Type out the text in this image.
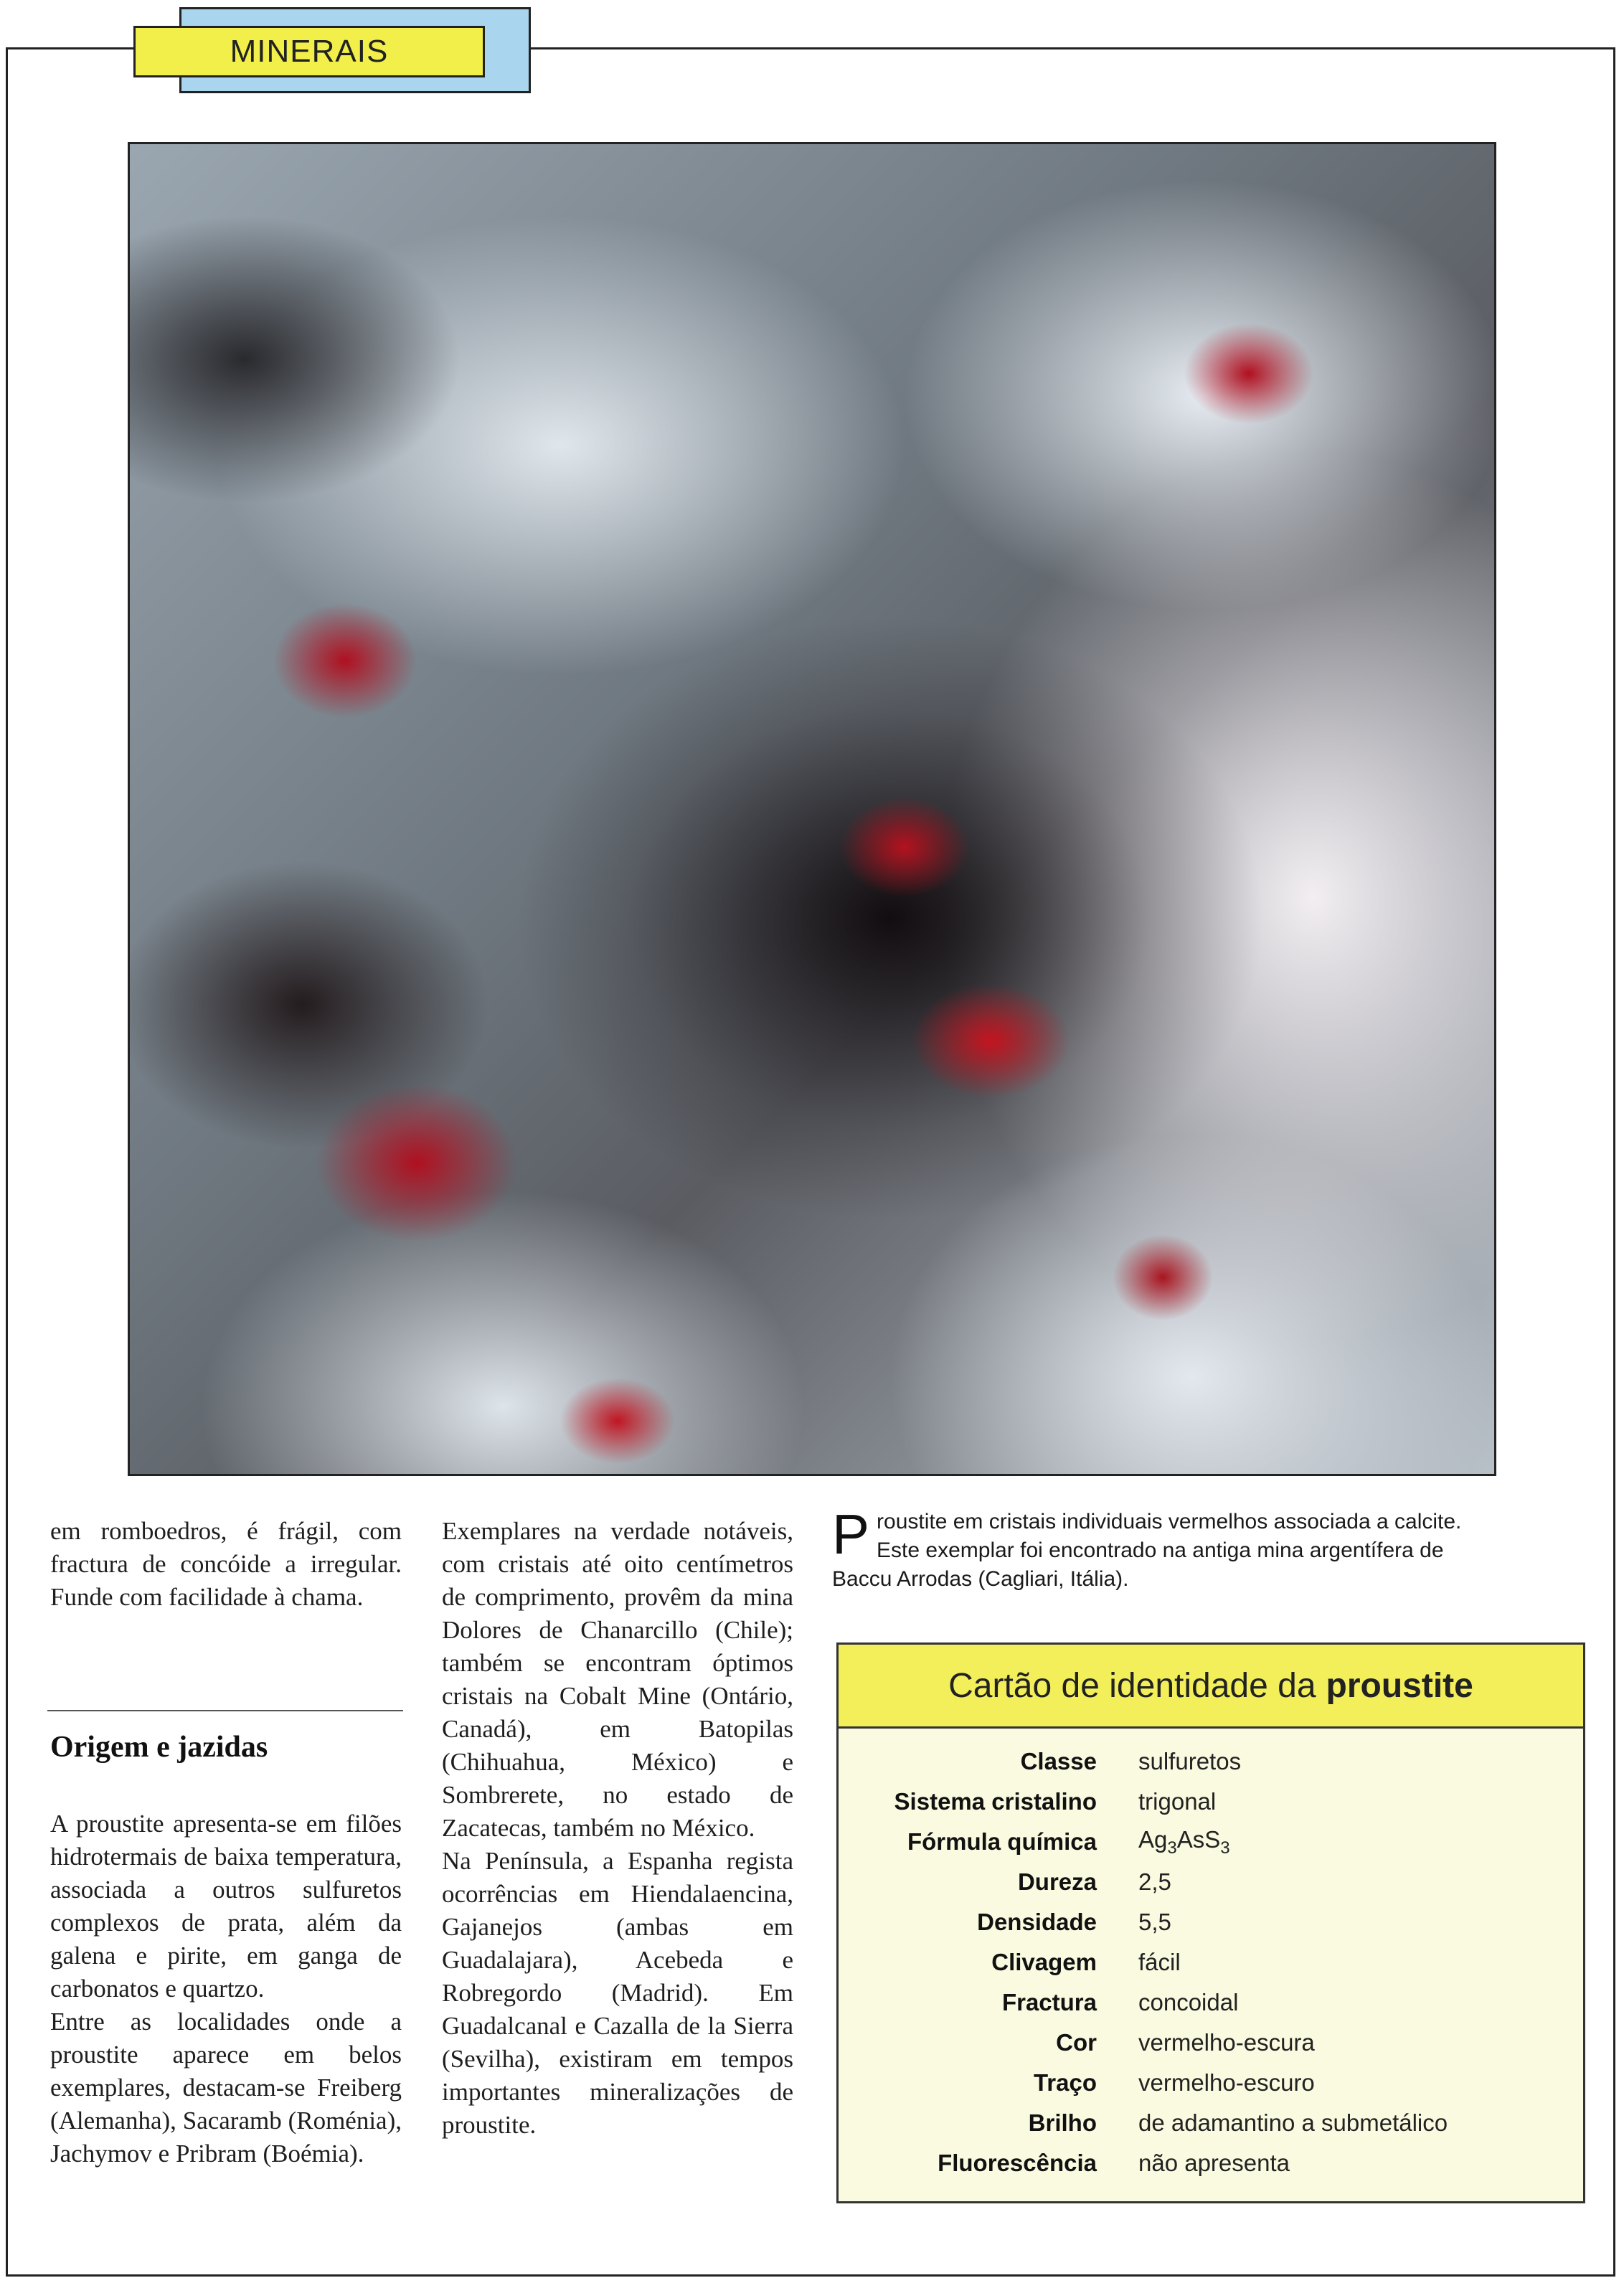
MINERAIS

em romboedros, é frágil, com fractura de concóide a irregular. Funde com facilidade à chama.

Origem e jazidas

A proustite apresenta-se em filões hidrotermais de baixa temperatura, associada a outros sulfuretos complexos de prata, além da galena e pirite, em ganga de carbonatos e quartzo.

Entre as localidades onde a proustite aparece em belos exemplares, destacam-se Freiberg (Alemanha), Sacaramb (Roménia), Jachymov e Pribram (Boémia).

Exemplares na verdade notáveis, com cristais até oito centímetros de comprimento, provêm da mina Dolores de Chanarcillo (Chile); também se encontram óptimos cristais na Cobalt Mine (Ontário, Canadá), em Batopilas (Chihuahua, México) e Sombrerete, no estado de Zacatecas, também no México.

Na Península, a Espanha regista ocorrências em Hiendalaencina, Gajanejos (ambas em Guadalajara), Acebeda e Robregordo (Madrid). Em Guadalcanal e Cazalla de la Sierra (Sevilha), existiram em tempos importantes mineralizações de proustite.

Proustite em cristais individuais vermelhos associada a calcite. Este exemplar foi encontrado na antiga mina argentífera de Baccu Arrodas (Cagliari, Itália).
Cartão de identidade da proustite
Classe	sulfuretos
Sistema cristalino	trigonal
Fórmula química	$Ag_3AsS_3$
Dureza	2,5
Densidade	5,5
Clivagem	fácil
Fractura	concoidal
Cor	vermelho-escura
Traço	vermelho-escuro
Brilho	de adamantino a submetálico
Fluorescência	não apresenta
